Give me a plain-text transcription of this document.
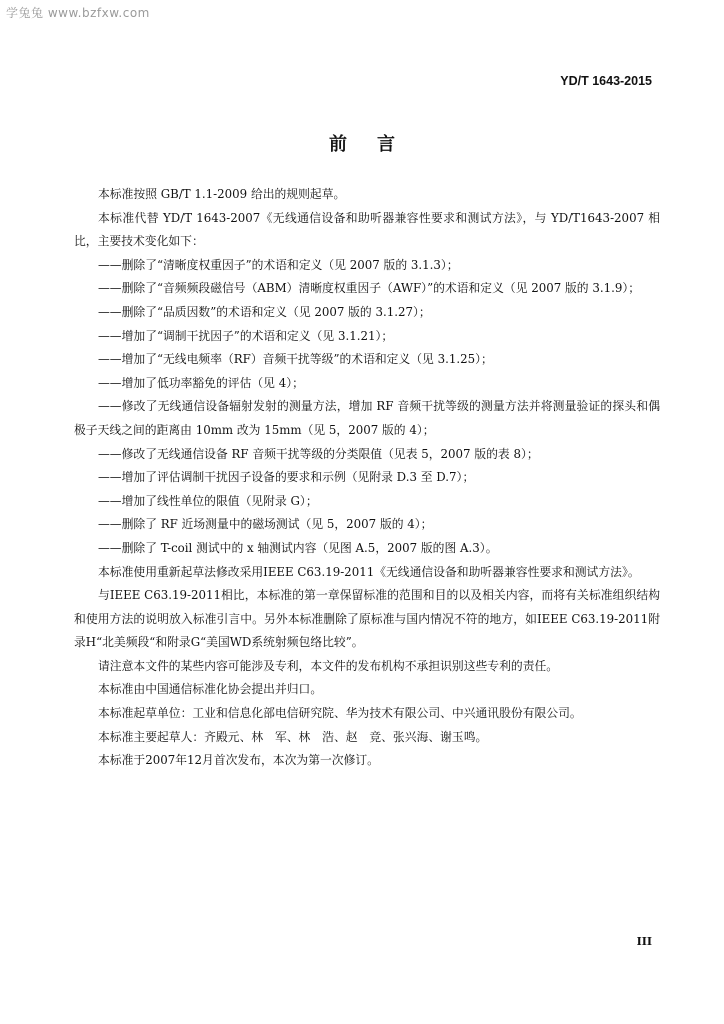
学兔兔 www.bzfxw.com
YD/T 1643-2015
前言

本标准按照 GB/T 1.1-2009 给出的规则起草。

本标准代替 YD/T 1643-2007《无线通信设备和助听器兼容性要求和测试方法》，与 YD/T1643-2007 相比，主要技术变化如下：

——删除了“清晰度权重因子”的术语和定义（见 2007 版的 3.1.3）；

——删除了“音频频段磁信号（ABM）清晰度权重因子（AWF）”的术语和定义（见 2007 版的 3.1.9）；

——删除了“品质因数”的术语和定义（见 2007 版的 3.1.27）；

——增加了“调制干扰因子”的术语和定义（见 3.1.21）；

——增加了“无线电频率（RF）音频干扰等级”的术语和定义（见 3.1.25）；

——增加了低功率豁免的评估（见 4）；

——修改了无线通信设备辐射发射的测量方法，增加 RF 音频干扰等级的测量方法并将测量验证的探头和偶极子天线之间的距离由 10mm 改为 15mm（见 5，2007 版的 4）；

——修改了无线通信设备 RF 音频干扰等级的分类限值（见表 5，2007 版的表 8）；

——增加了评估调制干扰因子设备的要求和示例（见附录 D.3 至 D.7）；

——增加了线性单位的限值（见附录 G）；

——删除了 RF 近场测量中的磁场测试（见 5，2007 版的 4）；

——删除了 T-coil 测试中的 x 轴测试内容（见图 A.5，2007 版的图 A.3）。

本标准使用重新起草法修改采用IEEE C63.19-2011《无线通信设备和助听器兼容性要求和测试方法》。

与IEEE C63.19-2011相比，本标准的第一章保留标准的范围和目的以及相关内容，而将有关标准组织结构和使用方法的说明放入标准引言中。另外本标准删除了原标准与国内情况不符的地方，如IEEE C63.19-2011附录H“北美频段“和附录G“美国WD系统射频包络比较”。

请注意本文件的某些内容可能涉及专利，本文件的发布机构不承担识别这些专利的责任。

本标准由中国通信标准化协会提出并归口。

本标准起草单位：工业和信息化部电信研究院、华为技术有限公司、中兴通讯股份有限公司。

本标准主要起草人：齐殿元、林　军、林　浩、赵　竞、张兴海、谢玉鸣。

本标准于2007年12月首次发布，本次为第一次修订。

III
